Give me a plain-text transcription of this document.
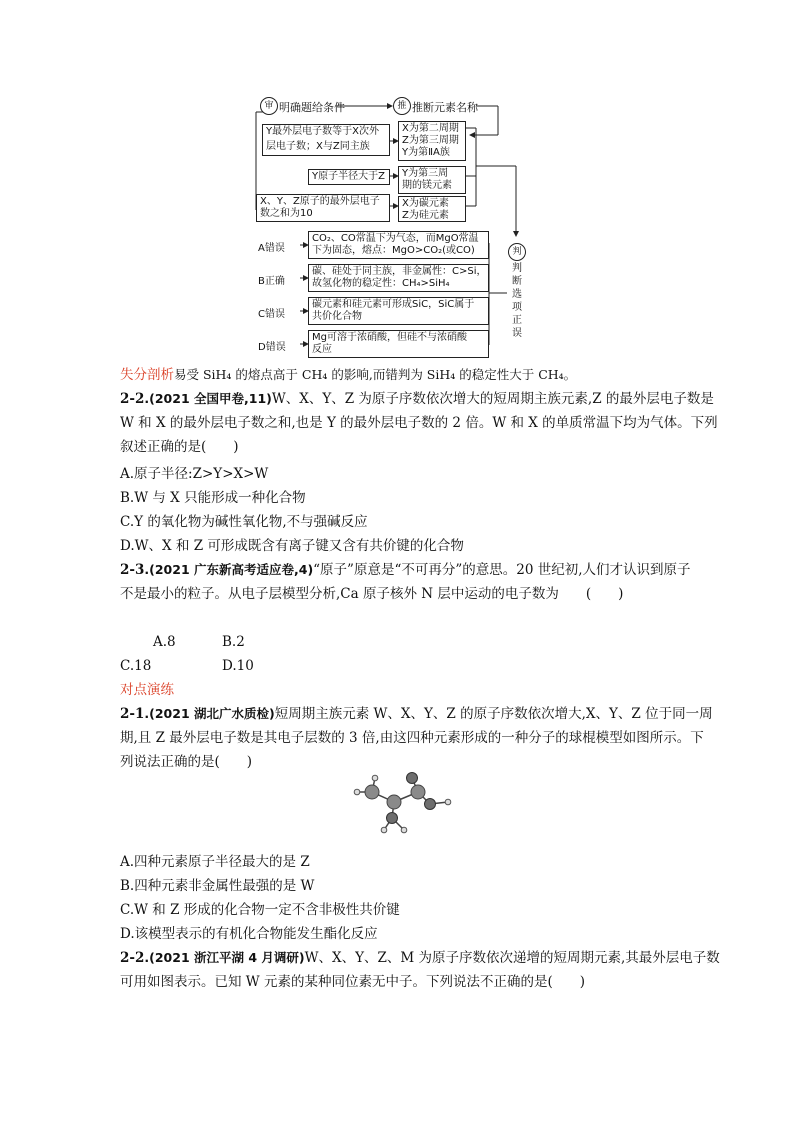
审 明确题给条件	推 推断元素名称
Y最外层电子数等于X次外
层电子数；X与Z同主族
X为第二周期
Z为第三周期
Y为第ⅡA族
Y原子半径大于Z	Y为第三周
期的镁元素
X、Y、Z原子的最外层电子
数之和为10
X为碳元素
Z为硅元素
A错误
CO₂、CO常温下为气态，而MgO常温
下为固态，熔点：MgO>CO₂(或CO)
B正确
碳、硅处于同主族，非金属性：C>Si，
故氢化物的稳定性：CH₄>SiH₄
C错误
碳元素和硅元素可形成SiC，SiC属于
共价化合物
D错误
Mg可溶于浓硝酸，但硅不与浓硝酸
反应
判
判
断
选
项
正
误
失分剖析易受 SiH₄ 的熔点高于 CH₄ 的影响,而错判为 SiH₄ 的稳定性大于 CH₄。
2-2.(2021 全国甲卷,11)W、X、Y、Z 为原子序数依次增大的短周期主族元素,Z 的最外层电子数是
W 和 X 的最外层电子数之和,也是 Y 的最外层电子数的 2 倍。W 和 X 的单质常温下均为气体。下列
叙述正确的是(　　)
A.原子半径:Z>Y>X>W
B.W 与 X 只能形成一种化合物
C.Y 的氧化物为碱性氧化物,不与强碱反应
D.W、X 和 Z 可形成既含有离子键又含有共价键的化合物
2-3.(2021 广东新高考适应卷,4)“原子”原意是“不可再分”的意思。20 世纪初,人们才认识到原子
不是最小的粒子。从电子层模型分析,Ca 原子核外 N 层中运动的电子数为　　(　　)
A.8	B.2
C.18	D.10
对点演练
2-1.(2021 湖北广水质检)短周期主族元素 W、X、Y、Z 的原子序数依次增大,X、Y、Z 位于同一周
期,且 Z 最外层电子数是其电子层数的 3 倍,由这四种元素形成的一种分子的球棍模型如图所示。下
列说法正确的是(　　)
A.四种元素原子半径最大的是 Z
B.四种元素非金属性最强的是 W
C.W 和 Z 形成的化合物一定不含非极性共价键
D.该模型表示的有机化合物能发生酯化反应
2-2.(2021 浙江平湖 4 月调研)W、X、Y、Z、M 为原子序数依次递增的短周期元素,其最外层电子数
可用如图表示。已知 W 元素的某种同位素无中子。下列说法不正确的是(　　)
